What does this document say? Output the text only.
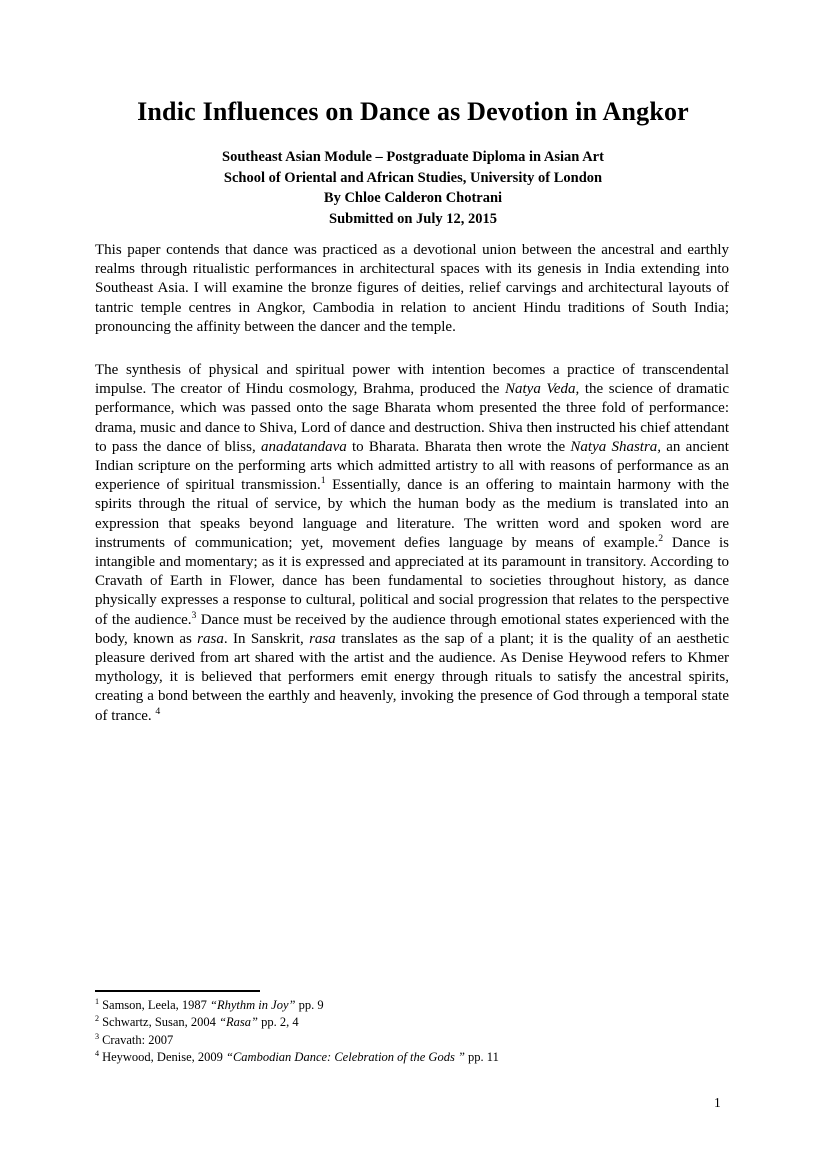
Indic Influences on Dance as Devotion in Angkor
Southeast Asian Module – Postgraduate Diploma in Asian Art
School of Oriental and African Studies, University of London
By Chloe Calderon Chotrani
Submitted on July 12, 2015

This paper contends that dance was practiced as a devotional union between the ancestral and earthly realms through ritualistic performances in architectural spaces with its genesis in India extending into Southeast Asia. I will examine the bronze figures of deities, relief carvings and architectural layouts of tantric temple centres in Angkor, Cambodia in relation to ancient Hindu traditions of South India; pronouncing the affinity between the dancer and the temple.

The synthesis of physical and spiritual power with intention becomes a practice of transcendental impulse. The creator of Hindu cosmology, Brahma, produced the Natya Veda, the science of dramatic performance, which was passed onto the sage Bharata whom presented the three fold of performance: drama, music and dance to Shiva, Lord of dance and destruction. Shiva then instructed his chief attendant to pass the dance of bliss, anadatandava to Bharata. Bharata then wrote the Natya Shastra, an ancient Indian scripture on the performing arts which admitted artistry to all with reasons of performance as an experience of spiritual transmission.$^1$ Essentially, dance is an offering to maintain harmony with the spirits through the ritual of service, by which the human body as the medium is translated into an expression that speaks beyond language and literature. The written word and spoken word are instruments of communication; yet, movement defies language by means of example.$^2$ Dance is intangible and momentary; as it is expressed and appreciated at its paramount in transitory. According to Cravath of Earth in Flower, dance has been fundamental to societies throughout history, as dance physically expresses a response to cultural, political and social progression that relates to the perspective of the audience.$^3$ Dance must be received by the audience through emotional states experienced with the body, known as rasa. In Sanskrit, rasa translates as the sap of a plant; it is the quality of an aesthetic pleasure derived from art shared with the artist and the audience. As Denise Heywood refers to Khmer mythology, it is believed that performers emit energy through rituals to satisfy the ancestral spirits, creating a bond between the earthly and heavenly, invoking the presence of God through a temporal state of trance. $^4$

$^1$ Samson, Leela, 1987 “Rhythm in Joy” pp. 9
$^2$ Schwartz, Susan, 2004 “Rasa” pp. 2, 4
$^3$ Cravath: 2007
$^4$ Heywood, Denise, 2009 “Cambodian Dance: Celebration of the Gods ” pp. 11
1
